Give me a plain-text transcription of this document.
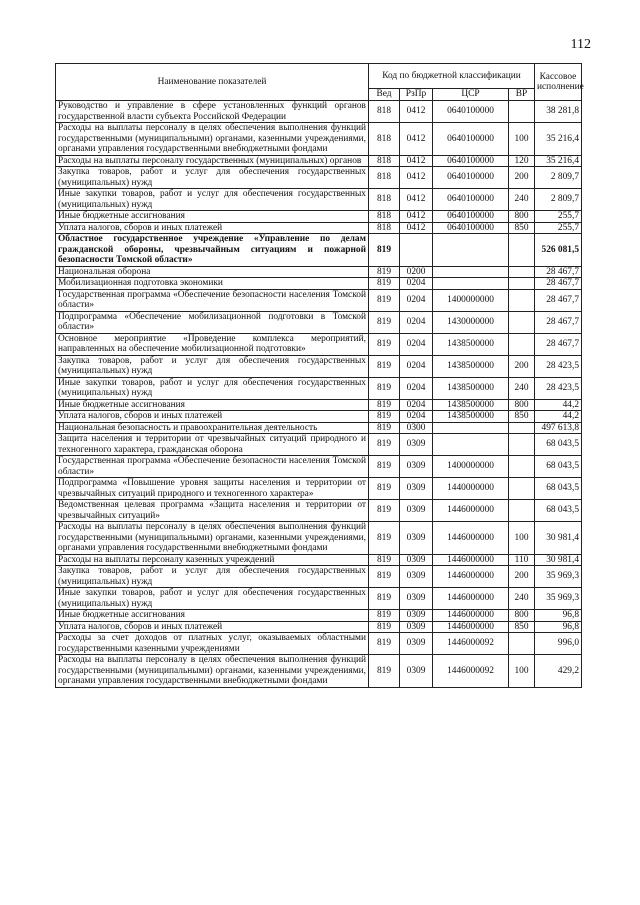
112
Наименование показателей	Код по бюджетной классификации				Кассовое исполнение
	Вед	РзПр	ЦСР	ВР	
Руководство и управление в сфере установленных функций органов государственной власти субъекта Российской Федерации	818	0412	0640100000		38 281,8
Расходы на выплаты персоналу в целях обеспечения выполнения функций государственными (муниципальными) органами, казенными учреждениями, органами управления государственными внебюджетными фондами	818	0412	0640100000	100	35 216,4
Расходы на выплаты персоналу государственных (муниципальных) органов	818	0412	0640100000	120	35 216,4
Закупка товаров, работ и услуг для обеспечения государственных (муниципальных) нужд	818	0412	0640100000	200	2 809,7
Иные закупки товаров, работ и услуг для обеспечения государственных (муниципальных) нужд	818	0412	0640100000	240	2 809,7
Иные бюджетные ассигнования	818	0412	0640100000	800	255,7
Уплата налогов, сборов и иных платежей	818	0412	0640100000	850	255,7
Областное государственное учреждение «Управление по делам гражданской обороны, чрезвычайным ситуациям и пожарной безопасности Томской области»	819				526 081,5
Национальная оборона	819	0200			28 467,7
Мобилизационная подготовка экономики	819	0204			28 467,7
Государственная программа «Обеспечение безопасности населения Томской области»	819	0204	1400000000		28 467,7
Подпрограмма «Обеспечение мобилизационной подготовки в Томской области»	819	0204	1430000000		28 467,7
Основное мероприятие «Проведение комплекса мероприятий, направленных на обеспечение мобилизационной подготовки»	819	0204	1438500000		28 467,7
Закупка товаров, работ и услуг для обеспечения государственных (муниципальных) нужд	819	0204	1438500000	200	28 423,5
Иные закупки товаров, работ и услуг для обеспечения государственных (муниципальных) нужд	819	0204	1438500000	240	28 423,5
Иные бюджетные ассигнования	819	0204	1438500000	800	44,2
Уплата налогов, сборов и иных платежей	819	0204	1438500000	850	44,2
Национальная безопасность и правоохранительная деятельность	819	0300			497 613,8
Защита населения и территории от чрезвычайных ситуаций природного и техногенного характера, гражданская оборона	819	0309			68 043,5
Государственная программа «Обеспечение безопасности населения Томской области»	819	0309	1400000000		68 043,5
Подпрограмма «Повышение уровня защиты населения и территории от чрезвычайных ситуаций природного и техногенного характера»	819	0309	1440000000		68 043,5
Ведомственная целевая программа «Защита населения и территории от чрезвычайных ситуаций»	819	0309	1446000000		68 043,5
Расходы на выплаты персоналу в целях обеспечения выполнения функций государственными (муниципальными) органами, казенными учреждениями, органами управления государственными внебюджетными фондами	819	0309	1446000000	100	30 981,4
Расходы на выплаты персоналу казенных учреждений	819	0309	1446000000	110	30 981,4
Закупка товаров, работ и услуг для обеспечения государственных (муниципальных) нужд	819	0309	1446000000	200	35 969,3
Иные закупки товаров, работ и услуг для обеспечения государственных (муниципальных) нужд	819	0309	1446000000	240	35 969,3
Иные бюджетные ассигнования	819	0309	1446000000	800	96,8
Уплата налогов, сборов и иных платежей	819	0309	1446000000	850	96,8
Расходы за счет доходов от платных услуг, оказываемых областными государственными казенными учреждениями	819	0309	1446000092		996,0
Расходы на выплаты персоналу в целях обеспечения выполнения функций государственными (муниципальными) органами, казенными учреждениями, органами управления государственными внебюджетными фондами	819	0309	1446000092	100	429,2
